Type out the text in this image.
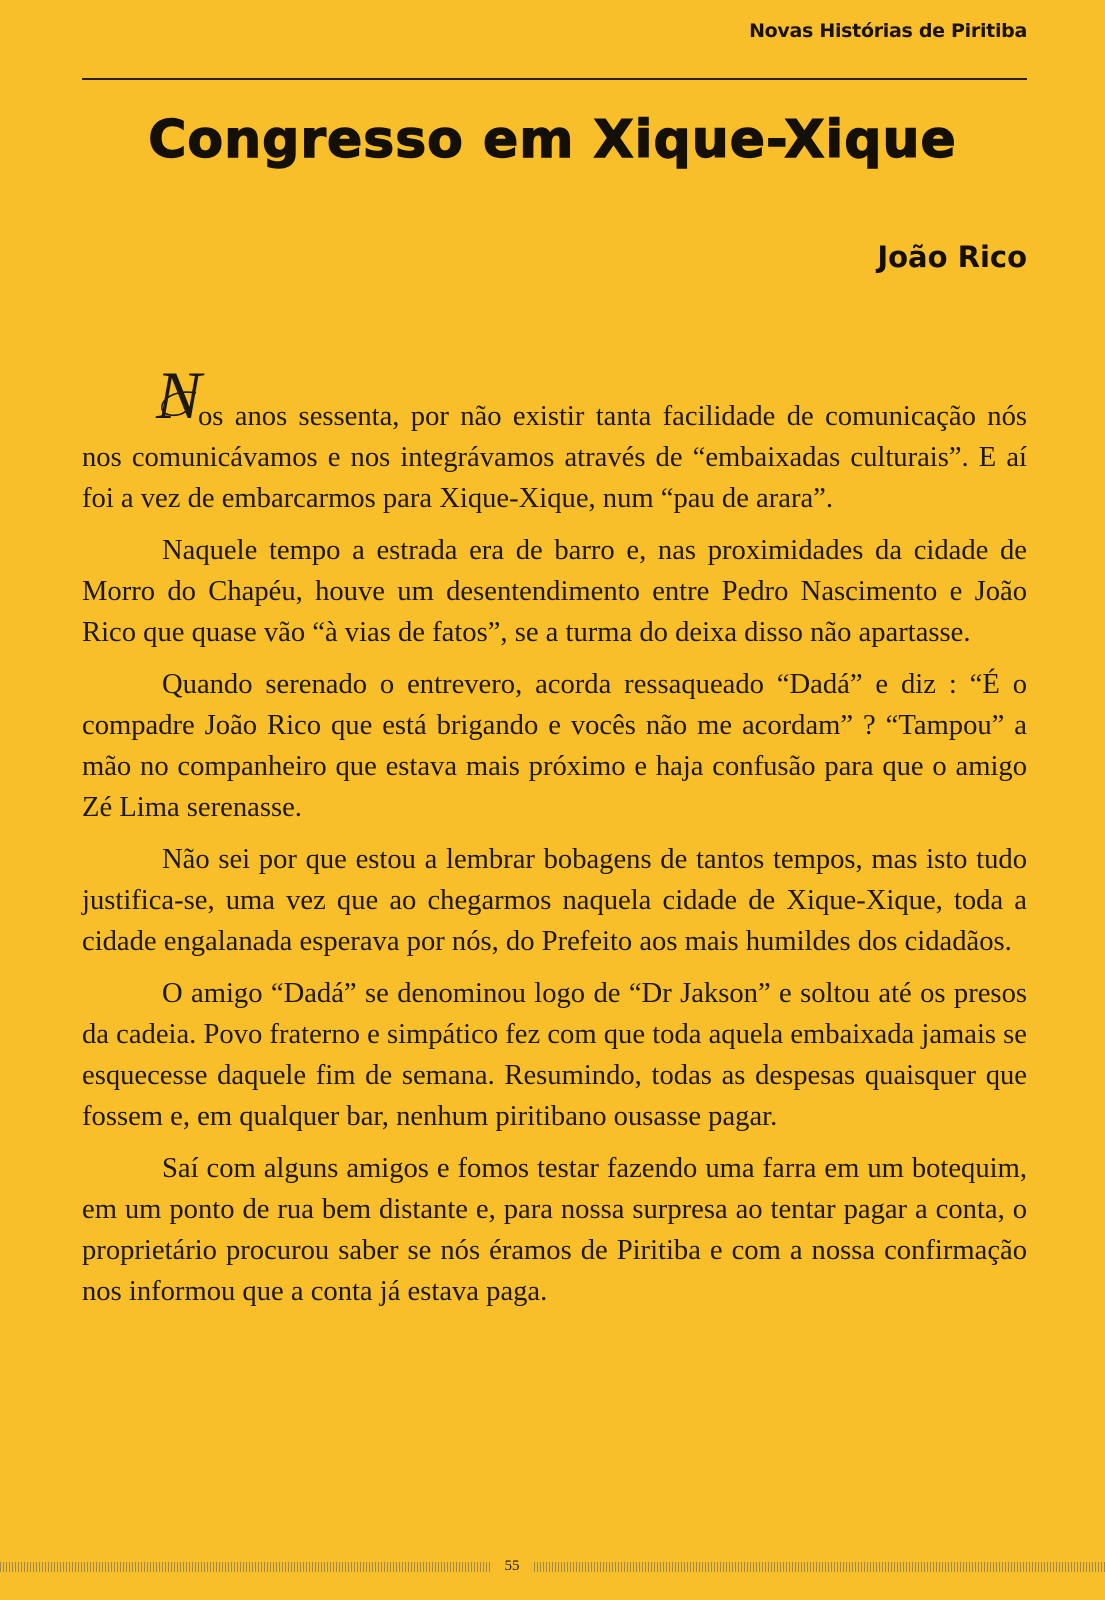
Novas Histórias de Piritiba
Congresso em Xique-Xique
João Rico

N
os anos sessenta, por não existir tanta facilidade de comunicação nós nos comunicávamos e nos integrávamos através de “embaixadas culturais”. E aí foi a vez de embarcarmos para Xique-Xique, num “pau de arara”.

Naquele tempo a estrada era de barro e, nas proximidades da cidade de Morro do Chapéu, houve um desentendimento entre Pedro Nascimento e João Rico que quase vão “à vias de fatos”, se a turma do deixa disso não apartasse.

Quando serenado o entrevero, acorda ressaqueado “Dadá” e diz : “É o compadre João Rico que está brigando e vocês não me acordam” ? “Tampou” a mão no companheiro que estava mais próximo e haja confusão para que o amigo Zé Lima serenasse.

Não sei por que estou a lembrar bobagens de tantos tempos, mas isto tudo justifica-se, uma vez que ao chegarmos naquela cidade de Xique-Xique, toda a cidade engalanada esperava por nós, do Prefeito aos mais humildes dos cidadãos.

O amigo “Dadá” se denominou logo de “Dr Jakson” e soltou até os presos da cadeia. Povo fraterno e simpático fez com que toda aquela embaixada jamais se esquecesse daquele fim de semana. Resumindo, todas as despesas quaisquer que fossem e, em qualquer bar, nenhum piritibano ousasse pagar.

Saí com alguns amigos e fomos testar fazendo uma farra em um botequim, em um ponto de rua bem distante e, para nossa surpresa ao tentar pagar a conta, o proprietário procurou saber se nós éramos de Piritiba e com a nossa confirmação nos informou que a conta já estava paga.

55
